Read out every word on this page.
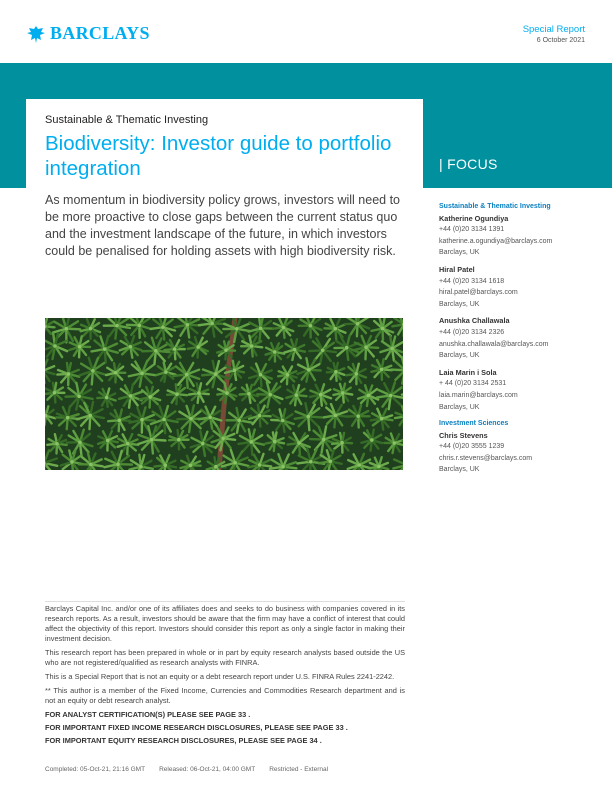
BARCLAYS	Special Report
6 October 2021
| FOCUS
Sustainable & Thematic Investing
Biodiversity: Investor guide to portfolio integration
As momentum in biodiversity policy grows, investors will need to be more proactive to close gaps between the current status quo and the investment landscape of the future, in which investors could be penalised for holding assets with high biodiversity risk.
Sustainable & Thematic Investing
Katherine Ogundiya
+44 (0)20 3134 1391
katherine.a.ogundiya@barclays.com
Barclays, UK
Hiral Patel
+44 (0)20 3134 1618
hiral.patel@barclays.com
Barclays, UK
Anushka Challawala
+44 (0)20 3134 2326
anushka.challawala@barclays.com
Barclays, UK
Laia Marin i Sola
+ 44 (0)20 3134 2531
laia.marin@barclays.com
Barclays, UK
Investment Sciences
Chris Stevens
+44 (0)20 3555 1239
chris.r.stevens@barclays.com
Barclays, UK

Barclays Capital Inc. and/or one of its affiliates does and seeks to do business with companies covered in its research reports. As a result, investors should be aware that the firm may have a conflict of interest that could affect the objectivity of this report. Investors should consider this report as only a single factor in making their investment decision.

This research report has been prepared in whole or in part by equity research analysts based outside the US who are not registered/qualified as research analysts with FINRA.

This is a Special Report that is not an equity or a debt research report under U.S. FINRA Rules 2241-2242.

** This author is a member of the Fixed Income, Currencies and Commodities Research department and is not an equity or debt research analyst.

FOR ANALYST CERTIFICATION(S) PLEASE SEE PAGE 33 .

FOR IMPORTANT FIXED INCOME RESEARCH DISCLOSURES, PLEASE SEE PAGE 33 .

FOR IMPORTANT EQUITY RESEARCH DISCLOSURES, PLEASE SEE PAGE 34 .

Completed: 05-Oct-21, 21:16 GMT Released: 06-Oct-21, 04:00 GMT Restricted - External
